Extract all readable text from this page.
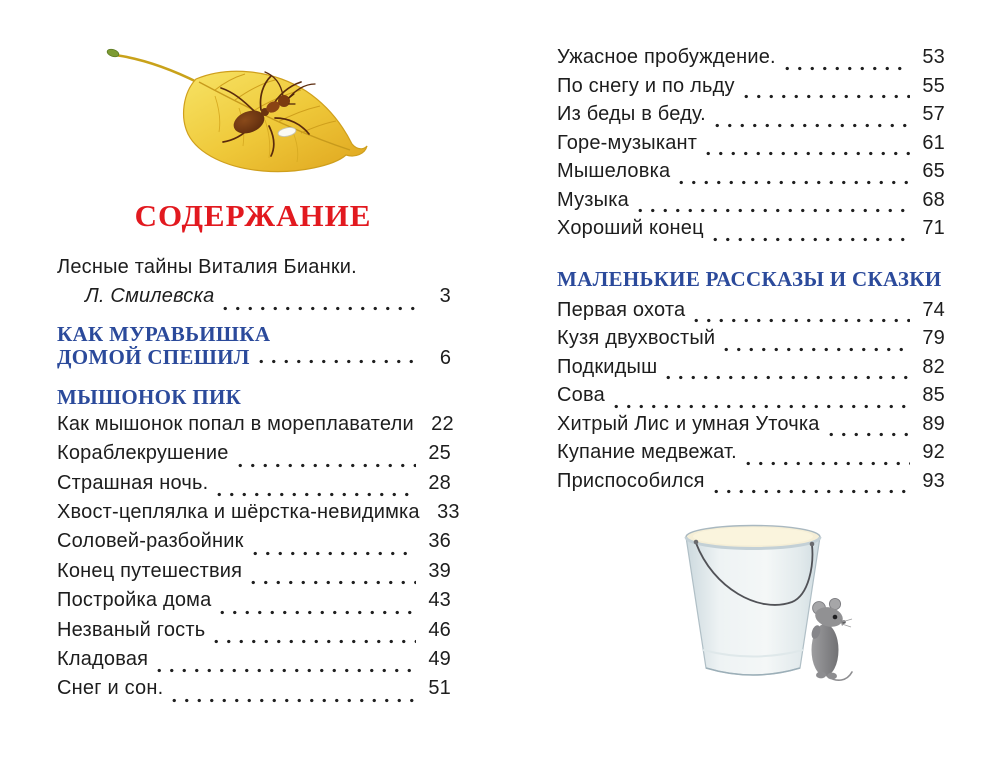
СОДЕРЖАНИЕ
Лесные тайны Виталия Бианки.
Л. Смилевска	3
КАК МУРАВЬИШКА
ДОМОЙ СПЕШИЛ	6
МЫШОНОК ПИК
Как мышонок попал в мореплаватели 22
Кораблекрушение	25
Страшная ночь.	28
Хвост-цеплялка и шёрстка-невидимка 33
Соловей-разбойник	36
Конец путешествия	39
Постройка дома	43
Незваный гость	46
Кладовая	49
Снег и сон.	51
Ужасное пробуждение.	53
По снегу и по льду	55
Из беды в беду.	57
Горе-музыкант	61
Мышеловка	65
Музыка	68
Хороший конец	71
МАЛЕНЬКИЕ РАССКАЗЫ И СКАЗКИ
Первая охота	74
Кузя двухвостый	79
Подкидыш	82
Сова	85
Хитрый Лис и умная Уточка	89
Купание медвежат.	92
Приспособился	93
